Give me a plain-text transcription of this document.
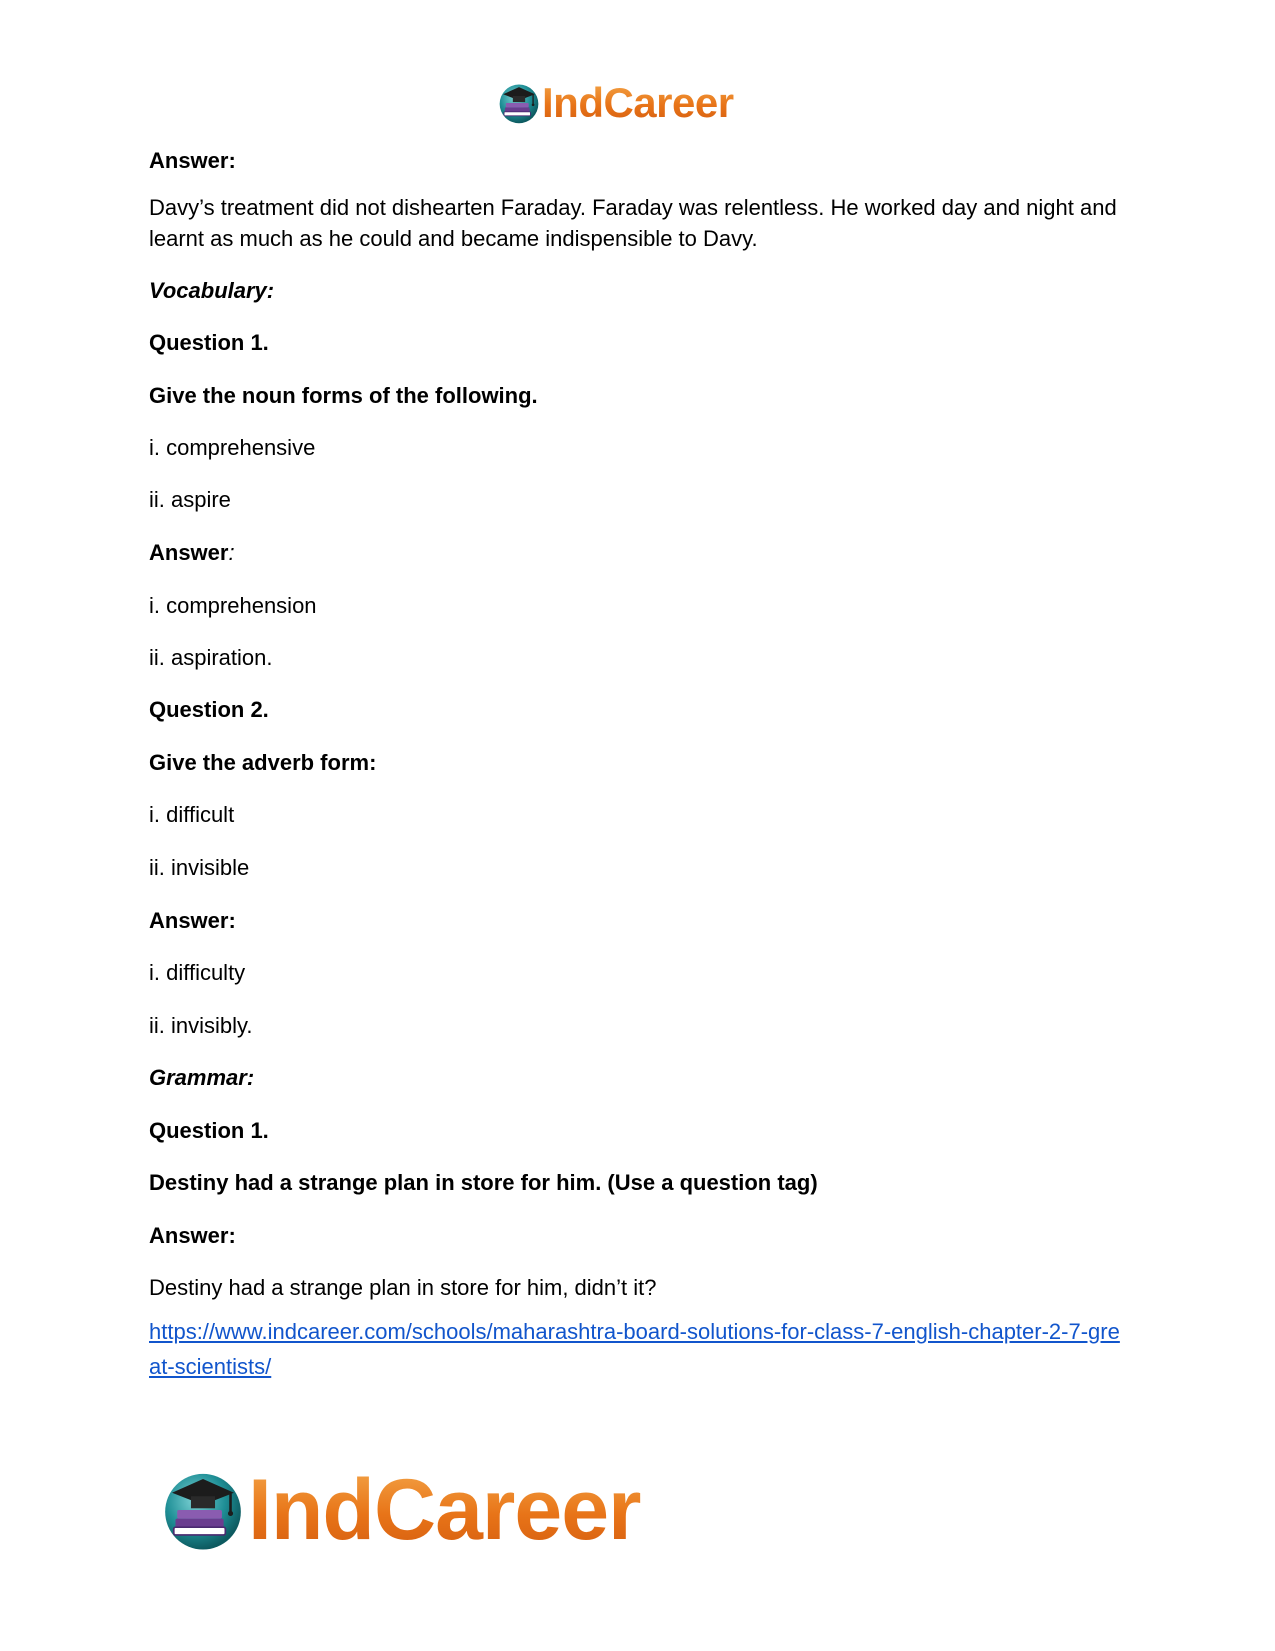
IndCareer
Answer:
Davy’s treatment did not dishearten Faraday. Faraday was relentless. He worked day and night and learnt as much as he could and became indispensible to Davy.
Vocabulary:
Question 1.
Give the noun forms of the following.
i. comprehensive
ii. aspire
Answer:
i. comprehension
ii. aspiration.
Question 2.
Give the adverb form:
i. difficult
ii. invisible
Answer:
i. difficulty
ii. invisibly.
Grammar:
Question 1.
Destiny had a strange plan in store for him. (Use a question tag)
Answer:
Destiny had a strange plan in store for him, didn’t it?
https://www.indcareer.com/schools/maharashtra-board-solutions-for-class-7-english-chapter-2-7-great-scientists/
IndCareer
